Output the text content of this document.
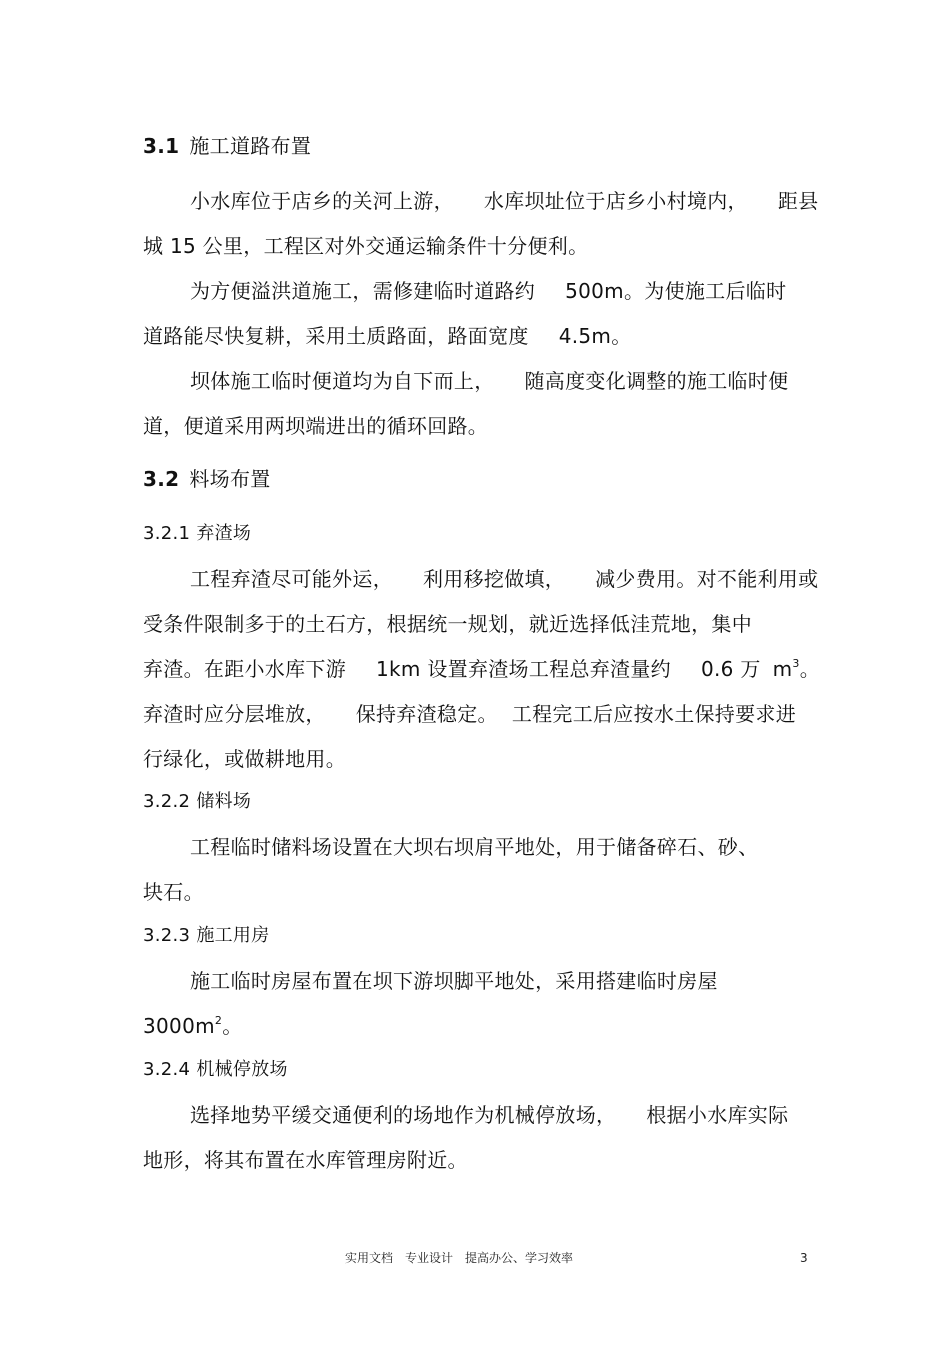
3.1 施工道路布置
小水库位于店乡的关河上游， 水库坝址位于店乡小村境内， 距县
城 15 公里，工程区对外交通运输条件十分便利。
为方便溢洪道施工，需修建临时道路约 500m。为使施工后临时
道路能尽快复耕，采用土质路面，路面宽度 4.5m。
坝体施工临时便道均为自下而上， 随高度变化调整的施工临时便
道，便道采用两坝端进出的循环回路。
3.2 料场布置
3.2.1 弃渣场
工程弃渣尽可能外运， 利用移挖做填， 减少费用。对不能利用或
受条件限制多于的土石方，根据统一规划，就近选择低洼荒地，集中
弃渣。在距小水库下游 1km 设置弃渣场工程总弃渣量约 0.6 万 $m^3$。
弃渣时应分层堆放， 保持弃渣稳定。 工程完工后应按水土保持要求进
行绿化，或做耕地用。
3.2.2 储料场
工程临时储料场设置在大坝右坝肩平地处，用于储备碎石、砂、
块石。
3.2.3 施工用房
施工临时房屋布置在坝下游坝脚平地处，采用搭建临时房屋
$3000m^2$。
3.2.4 机械停放场
选择地势平缓交通便利的场地作为机械停放场， 根据小水库实际
地形，将其布置在水库管理房附近。
实用文档 专业设计 提高办公、学习效率	3
